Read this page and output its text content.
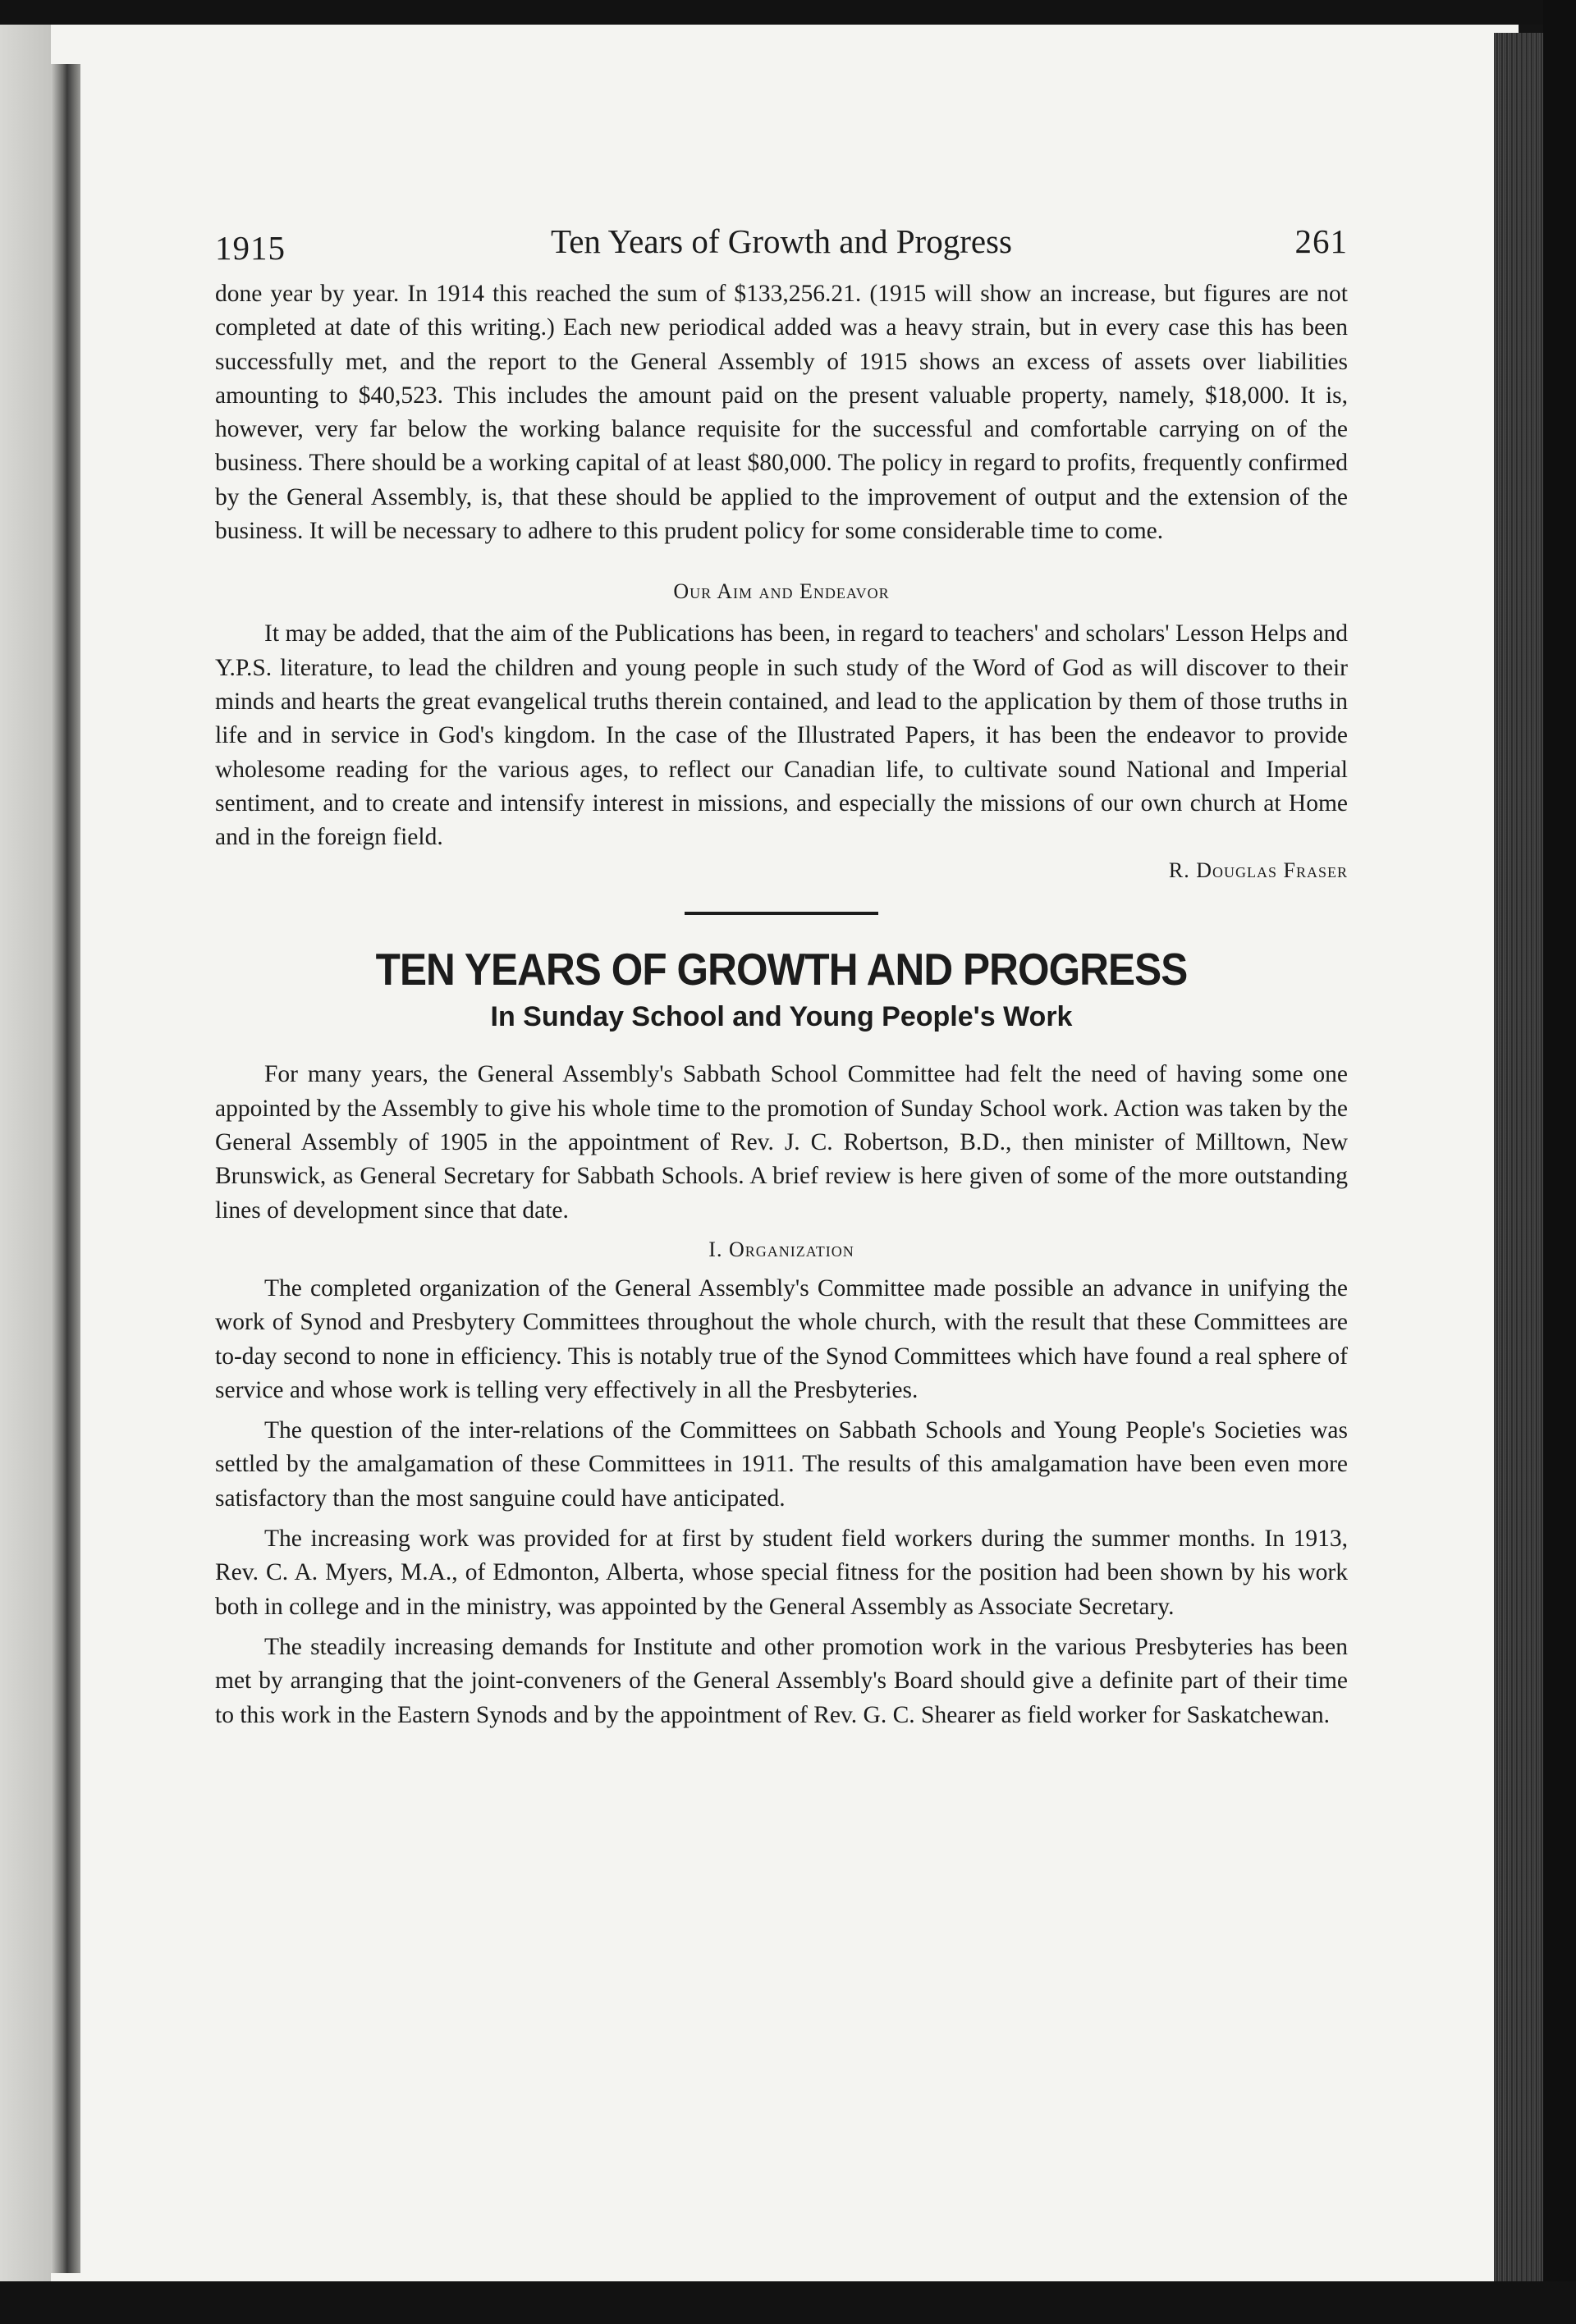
1915	Ten Years of Growth and Progress	261

done year by year. In 1914 this reached the sum of $133,256.21. (1915 will show an increase, but figures are not completed at date of this writing.) Each new periodical added was a heavy strain, but in every case this has been successfully met, and the report to the General Assembly of 1915 shows an excess of assets over liabilities amounting to $40,523. This includes the amount paid on the present valuable property, namely, $18,000. It is, however, very far below the working balance requisite for the successful and comfortable carrying on of the business. There should be a working capital of at least $80,000. The policy in regard to profits, frequently confirmed by the General Assembly, is, that these should be applied to the improvement of output and the extension of the business. It will be necessary to adhere to this prudent policy for some considerable time to come.

Our Aim and Endeavor

It may be added, that the aim of the Publications has been, in regard to teachers' and scholars' Lesson Helps and Y.P.S. literature, to lead the children and young people in such study of the Word of God as will discover to their minds and hearts the great evangelical truths therein contained, and lead to the application by them of those truths in life and in service in God's kingdom. In the case of the Illustrated Papers, it has been the endeavor to provide wholesome reading for the various ages, to reflect our Canadian life, to cultivate sound National and Imperial sentiment, and to create and intensify interest in missions, and especially the missions of our own church at Home and in the foreign field.

R. Douglas Fraser
TEN YEARS OF GROWTH AND PROGRESS
In Sunday School and Young People's Work

For many years, the General Assembly's Sabbath School Committee had felt the need of having some one appointed by the Assembly to give his whole time to the promotion of Sunday School work. Action was taken by the General Assembly of 1905 in the appointment of Rev. J. C. Robertson, B.D., then minister of Milltown, New Brunswick, as General Secretary for Sabbath Schools. A brief review is here given of some of the more outstanding lines of development since that date.

I. Organization

The completed organization of the General Assembly's Committee made possible an advance in unifying the work of Synod and Presbytery Committees throughout the whole church, with the result that these Committees are to-day second to none in efficiency. This is notably true of the Synod Committees which have found a real sphere of service and whose work is telling very effectively in all the Presbyteries.

The question of the inter-relations of the Committees on Sabbath Schools and Young People's Societies was settled by the amalgamation of these Committees in 1911. The results of this amalgamation have been even more satisfactory than the most sanguine could have anticipated.

The increasing work was provided for at first by student field workers during the summer months. In 1913, Rev. C. A. Myers, M.A., of Edmonton, Alberta, whose special fitness for the position had been shown by his work both in college and in the ministry, was appointed by the General Assembly as Associate Secretary.

The steadily increasing demands for Institute and other promotion work in the various Presbyteries has been met by arranging that the joint-conveners of the General Assembly's Board should give a definite part of their time to this work in the Eastern Synods and by the appointment of Rev. G. C. Shearer as field worker for Saskatchewan.
